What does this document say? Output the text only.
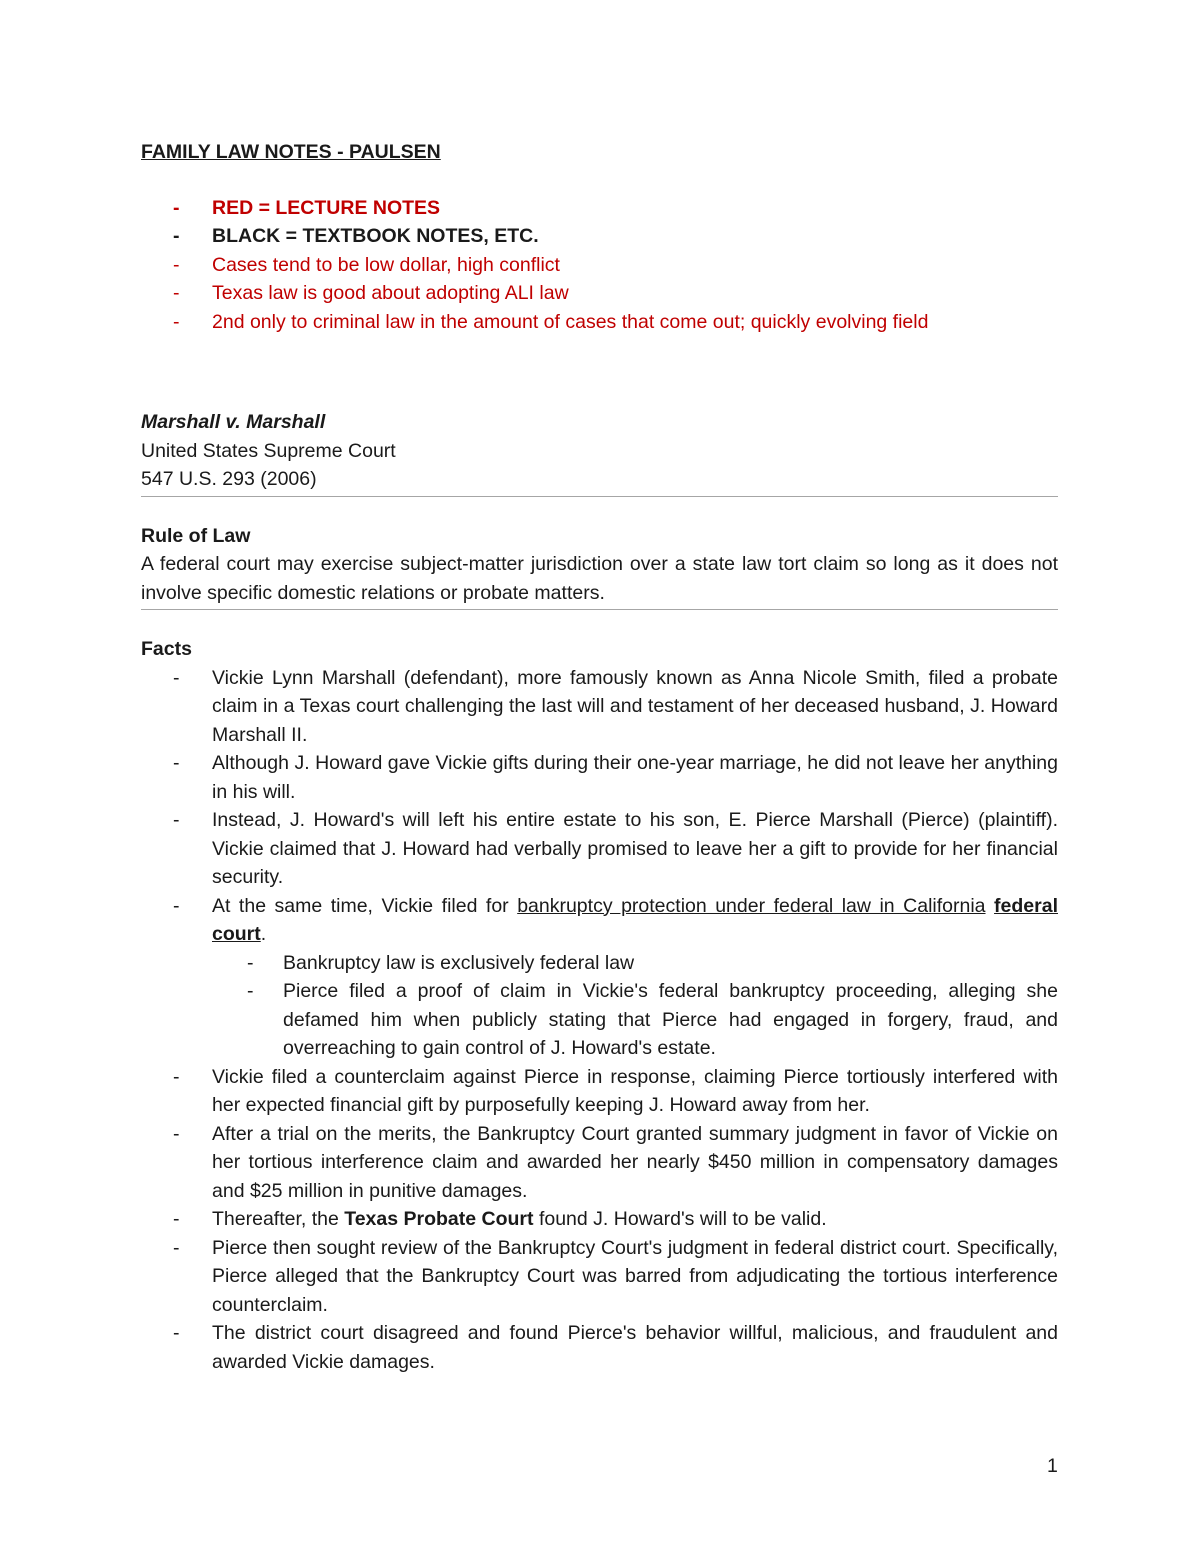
FAMILY LAW NOTES - PAULSEN

- RED = LECTURE NOTES
- BLACK = TEXTBOOK NOTES, ETC.
- Cases tend to be low dollar, high conflict
- Texas law is good about adopting ALI law
- 2nd only to criminal law in the amount of cases that come out; quickly evolving field

Marshall v. Marshall

United States Supreme Court

547 U.S. 293 (2006)

Rule of Law

A federal court may exercise subject-matter jurisdiction over a state law tort claim so long as it does not involve specific domestic relations or probate matters.

Facts

- Vickie Lynn Marshall (defendant), more famously known as Anna Nicole Smith, filed a probate claim in a Texas court challenging the last will and testament of her deceased husband, J. Howard Marshall II.
- Although J. Howard gave Vickie gifts during their one-year marriage, he did not leave her anything in his will.
- Instead, J. Howard's will left his entire estate to his son, E. Pierce Marshall (Pierce) (plaintiff). Vickie claimed that J. Howard had verbally promised to leave her a gift to provide for her financial security.
- At the same time, Vickie filed for bankruptcy protection under federal law in California federal court.
- Bankruptcy law is exclusively federal law
- Pierce filed a proof of claim in Vickie's federal bankruptcy proceeding, alleging she defamed him when publicly stating that Pierce had engaged in forgery, fraud, and overreaching to gain control of J. Howard's estate.
- Vickie filed a counterclaim against Pierce in response, claiming Pierce tortiously interfered with her expected financial gift by purposefully keeping J. Howard away from her.
- After a trial on the merits, the Bankruptcy Court granted summary judgment in favor of Vickie on her tortious interference claim and awarded her nearly $450 million in compensatory damages and $25 million in punitive damages.
- Thereafter, the Texas Probate Court found J. Howard's will to be valid.
- Pierce then sought review of the Bankruptcy Court's judgment in federal district court. Specifically, Pierce alleged that the Bankruptcy Court was barred from adjudicating the tortious interference counterclaim.
- The district court disagreed and found Pierce's behavior willful, malicious, and fraudulent and awarded Vickie damages.
1
